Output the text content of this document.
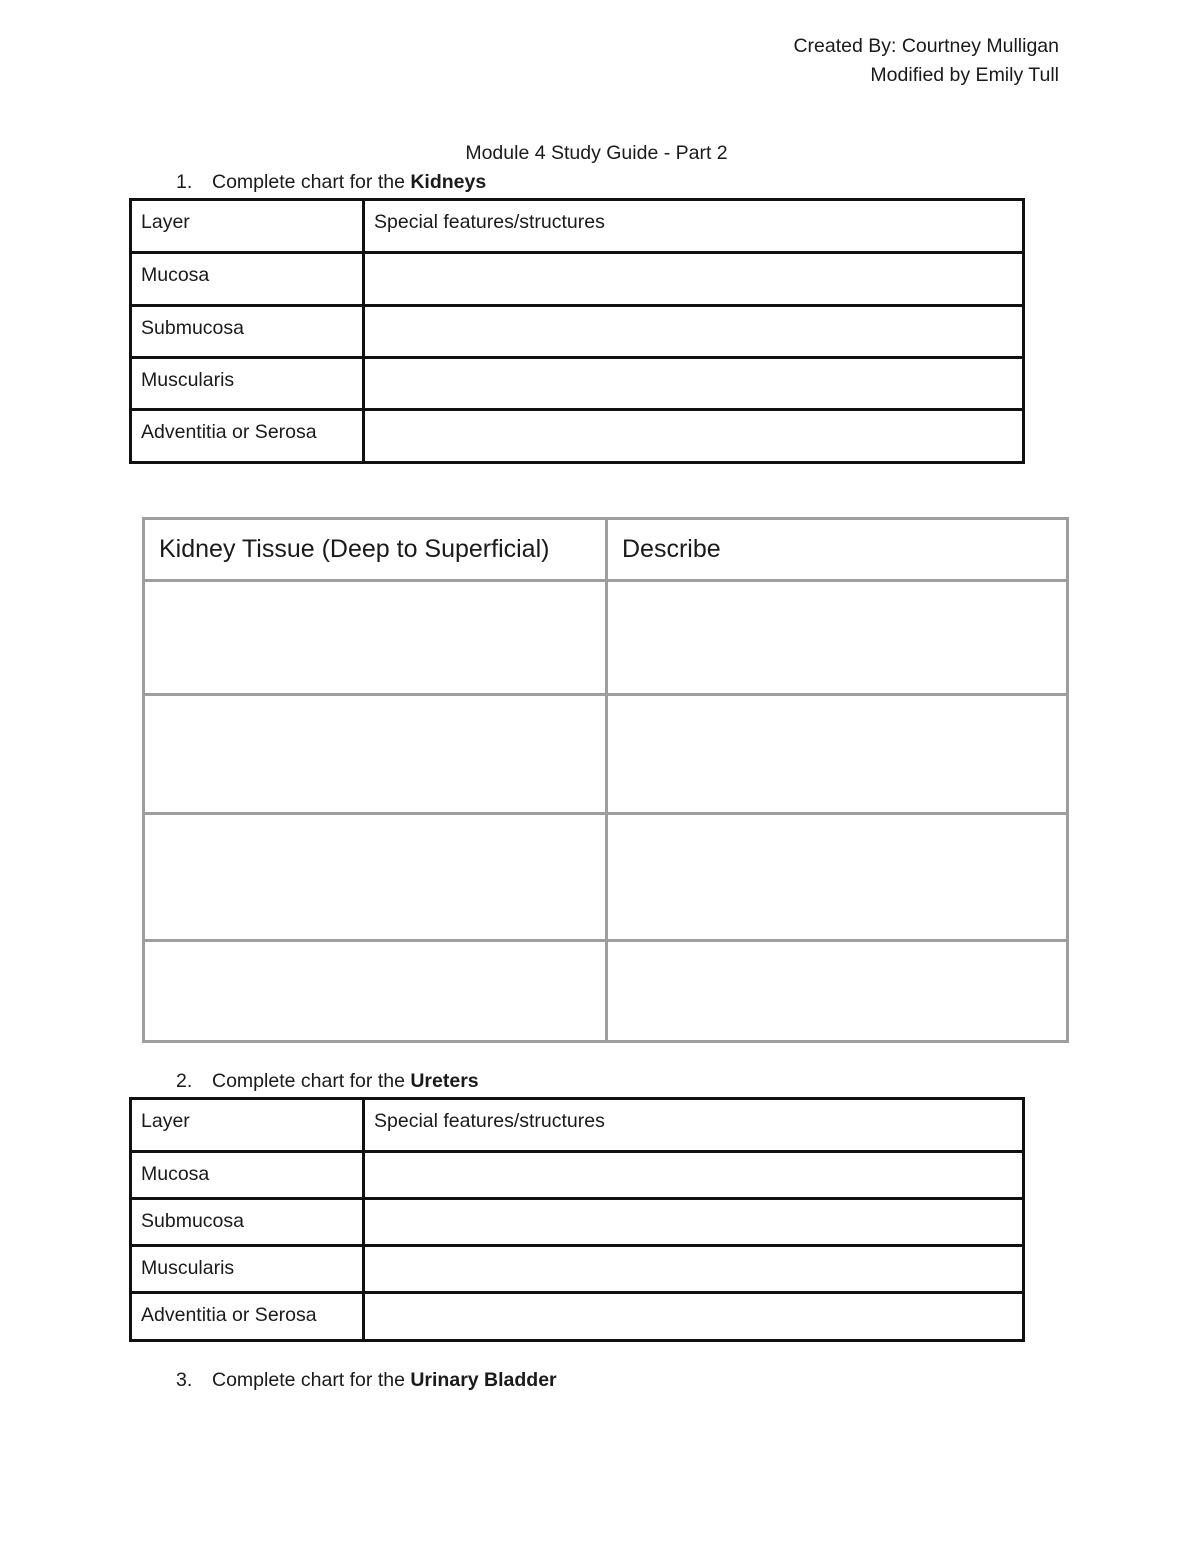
Created By: Courtney Mulligan
Modified by Emily Tull
Module 4 Study Guide - Part 2
1. Complete chart for the Kidneys
Layer	Special features/structures
Mucosa	
Submucosa	
Muscularis	
Adventitia or Serosa	
Kidney Tissue (Deep to Superficial)	Describe

2. Complete chart for the Ureters
Layer	Special features/structures
Mucosa	
Submucosa	
Muscularis	
Adventitia or Serosa	
3. Complete chart for the Urinary Bladder
